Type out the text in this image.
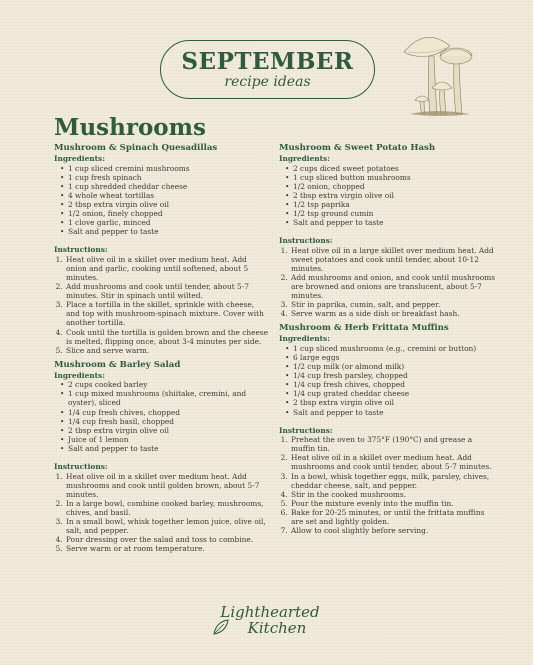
SEPTEMBER
recipe ideas
Mushrooms
Mushroom & Spinach Quesadillas
Ingredients:
• 1 cup sliced cremini mushrooms
• 1 cup fresh spinach
• 1 cup shredded cheddar cheese
• 4 whole wheat tortillas
• 2 tbsp extra virgin olive oil
• 1/2 onion, finely chopped
• 1 clove garlic, minced
• Salt and pepper to taste
Instructions:
1. Heat olive oil in a skillet over medium heat. Add onion and garlic, cooking until softened, about 5 minutes.
2. Add mushrooms and cook until tender, about 5-7 minutes. Stir in spinach until wilted.
3. Place a tortilla in the skillet, sprinkle with cheese, and top with mushroom-spinach mixture. Cover with another tortilla.
4. Cook until the tortilla is golden brown and the cheese is melted, flipping once, about 3-4 minutes per side.
5. Slice and serve warm.
Mushroom & Barley Salad
Ingredients:
• 2 cups cooked barley
• 1 cup mixed mushrooms (shiitake, cremini, and oyster), sliced
• 1/4 cup fresh chives, chopped
• 1/4 cup fresh basil, chopped
• 2 tbsp extra virgin olive oil
• Juice of 1 lemon
• Salt and pepper to taste
Instructions:
1. Heat olive oil in a skillet over medium heat. Add mushrooms and cook until golden brown, about 5-7 minutes.
2. In a large bowl, combine cooked barley, mushrooms, chives, and basil.
3. In a small bowl, whisk together lemon juice, olive oil, salt, and pepper.
4. Pour dressing over the salad and toss to combine.
5. Serve warm or at room temperature.
Mushroom & Sweet Potato Hash
Ingredients:
• 2 cups diced sweet potatoes
• 1 cup sliced button mushrooms
• 1/2 onion, chopped
• 2 tbsp extra virgin olive oil
• 1/2 tsp paprika
• 1/2 tsp ground cumin
• Salt and pepper to taste
Instructions:
1. Heat olive oil in a large skillet over medium heat. Add sweet potatoes and cook until tender, about 10-12 minutes.
2. Add mushrooms and onion, and cook until mushrooms are browned and onions are translucent, about 5-7 minutes.
3. Stir in paprika, cumin, salt, and pepper.
4. Serve warm as a side dish or breakfast hash.
Mushroom & Herb Frittata Muffins
Ingredients:
• 1 cup sliced mushrooms (e.g., cremini or button)
• 6 large eggs
• 1/2 cup milk (or almond milk)
• 1/4 cup fresh parsley, chopped
• 1/4 cup fresh chives, chopped
• 1/4 cup grated cheddar cheese
• 2 tbsp extra virgin olive oil
• Salt and pepper to taste
Instructions:
1. Preheat the oven to 375°F (190°C) and grease a muffin tin.
2. Heat olive oil in a skillet over medium heat. Add mushrooms and cook until tender, about 5-7 minutes.
3. In a bowl, whisk together eggs, milk, parsley, chives, cheddar cheese, salt, and pepper.
4. Stir in the cooked mushrooms.
5. Pour the mixture evenly into the muffin tin.
6. Bake for 20-25 minutes, or until the frittata muffins are set and lightly golden.
7. Allow to cool slightly before serving.
Lighthearted
Kitchen
